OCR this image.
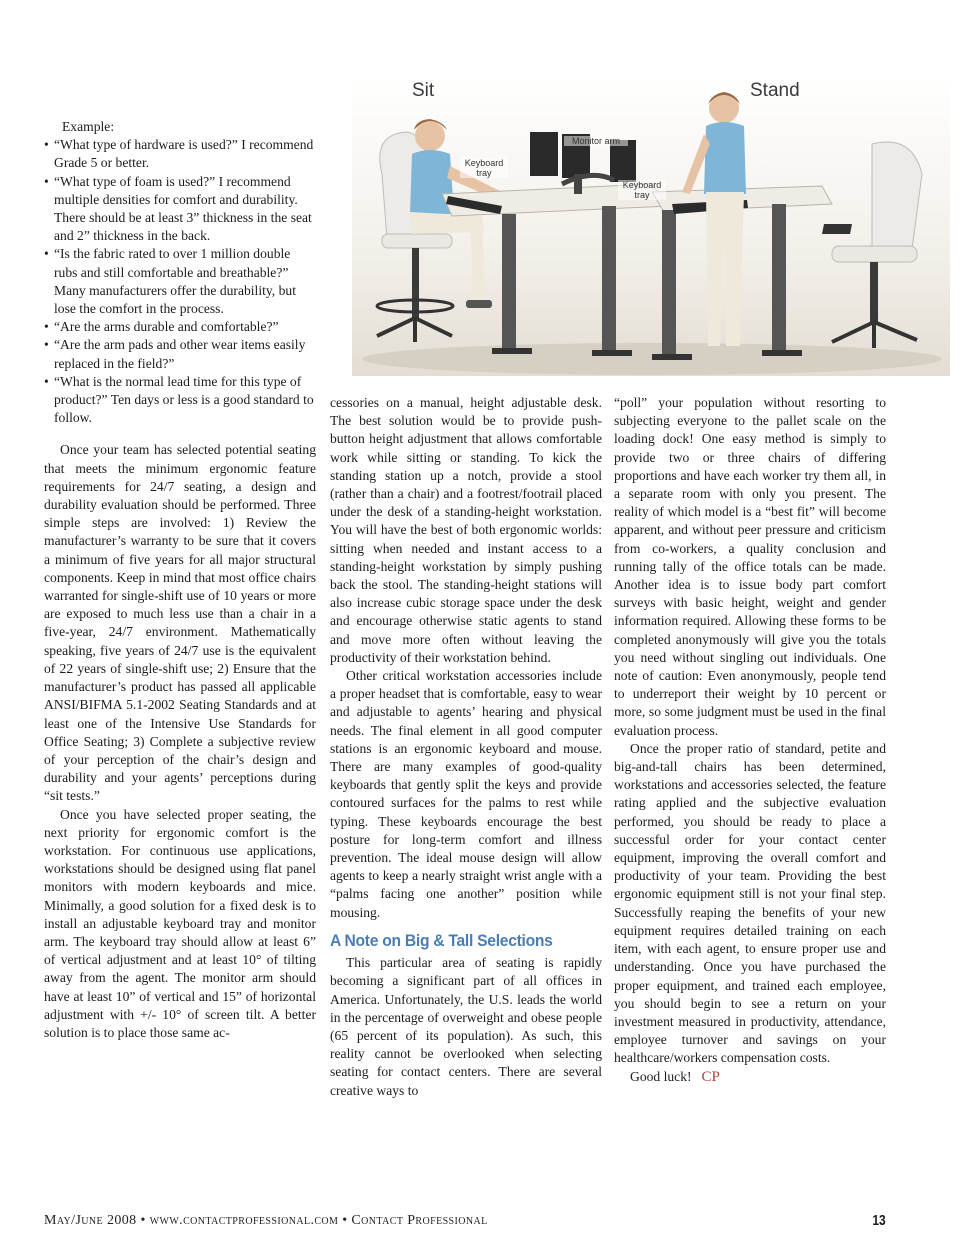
Sit	Stand
Keyboard tray
Monitor arm
Keyboard tray
Example:
• “What type of hardware is used?” I recommend Grade 5 or better.
• “What type of foam is used?” I recommend multiple densities for comfort and durability. There should be at least 3” thickness in the seat and 2” thickness in the back.
• “Is the fabric rated to over 1 million double rubs and still comfortable and breathable?” Many manufacturers offer the durability, but lose the comfort in the process.
• “Are the arms durable and comfortable?”
• “Are the arm pads and other wear items easily replaced in the field?”
• “What is the normal lead time for this type of product?” Ten days or less is a good standard to follow.

Once your team has selected potential seating that meets the minimum ergonomic feature requirements for 24/7 seating, a design and durability evaluation should be performed. Three simple steps are involved: 1) Review the manufacturer’s warranty to be sure that it covers a minimum of five years for all major structural components. Keep in mind that most office chairs warranted for single-shift use of 10 years or more are exposed to much less use than a chair in a five-year, 24/7 environment. Mathematically speaking, five years of 24/7 use is the equivalent of 22 years of single-shift use; 2) Ensure that the manufacturer’s product has passed all applicable ANSI/BIFMA 5.1-2002 Seating Standards and at least one of the Intensive Use Standards for Office Seating; 3) Complete a subjective review of your perception of the chair’s design and durability and your agents’ perceptions during “sit tests.”

Once you have selected proper seating, the next priority for ergonomic comfort is the workstation. For continuous use applications, workstations should be designed using flat panel monitors with modern keyboards and mice. Minimally, a good solution for a fixed desk is to install an adjustable keyboard tray and monitor arm. The keyboard tray should allow at least 6” of vertical adjustment and at least 10° of tilting away from the agent. The monitor arm should have at least 10” of vertical and 15” of horizontal adjustment with +/- 10° of screen tilt. A better solution is to place those same ac-

cessories on a manual, height adjustable desk. The best solution would be to provide push-button height adjustment that allows comfortable work while sitting or standing. To kick the standing station up a notch, provide a stool (rather than a chair) and a footrest/footrail placed under the desk of a standing-height workstation. You will have the best of both ergonomic worlds: sitting when needed and instant access to a standing-height workstation by simply pushing back the stool. The standing-height stations will also increase cubic storage space under the desk and encourage otherwise static agents to stand and move more often without leaving the productivity of their workstation behind.

Other critical workstation accessories include a proper headset that is comfortable, easy to wear and adjustable to agents’ hearing and physical needs. The final element in all good computer stations is an ergonomic keyboard and mouse. There are many examples of good-quality keyboards that gently split the keys and provide contoured surfaces for the palms to rest while typing. These keyboards encourage the best posture for long-term comfort and illness prevention. The ideal mouse design will allow agents to keep a nearly straight wrist angle with a “palms facing one another” position while mousing.

A Note on Big & Tall Selections

This particular area of seating is rapidly becoming a significant part of all offices in America. Unfortunately, the U.S. leads the world in the percentage of overweight and obese people (65 percent of its population). As such, this reality cannot be overlooked when selecting seating for contact centers. There are several creative ways to

“poll” your population without resorting to subjecting everyone to the pallet scale on the loading dock! One easy method is simply to provide two or three chairs of differing proportions and have each worker try them all, in a separate room with only you present. The reality of which model is a “best fit” will become apparent, and without peer pressure and criticism from co-workers, a quality conclusion and running tally of the office totals can be made. Another idea is to issue body part comfort surveys with basic height, weight and gender information required. Allowing these forms to be completed anonymously will give you the totals you need without singling out individuals. One note of caution: Even anonymously, people tend to underreport their weight by 10 percent or more, so some judgment must be used in the final evaluation process.

Once the proper ratio of standard, petite and big-and-tall chairs has been determined, workstations and accessories selected, the feature rating applied and the subjective evaluation performed, you should be ready to place a successful order for your contact center equipment, improving the overall comfort and productivity of your team. Providing the best ergonomic equipment still is not your final step. Successfully reaping the benefits of your new equipment requires detailed training on each item, with each agent, to ensure proper use and understanding. Once you have purchased the proper equipment, and trained each employee, you should begin to see a return on your investment measured in productivity, attendance, employee turnover and savings on your healthcare/workers compensation costs.

Good luck! CP

May/June 2008 • www.contactprofessional.com • Contact Professional	13
